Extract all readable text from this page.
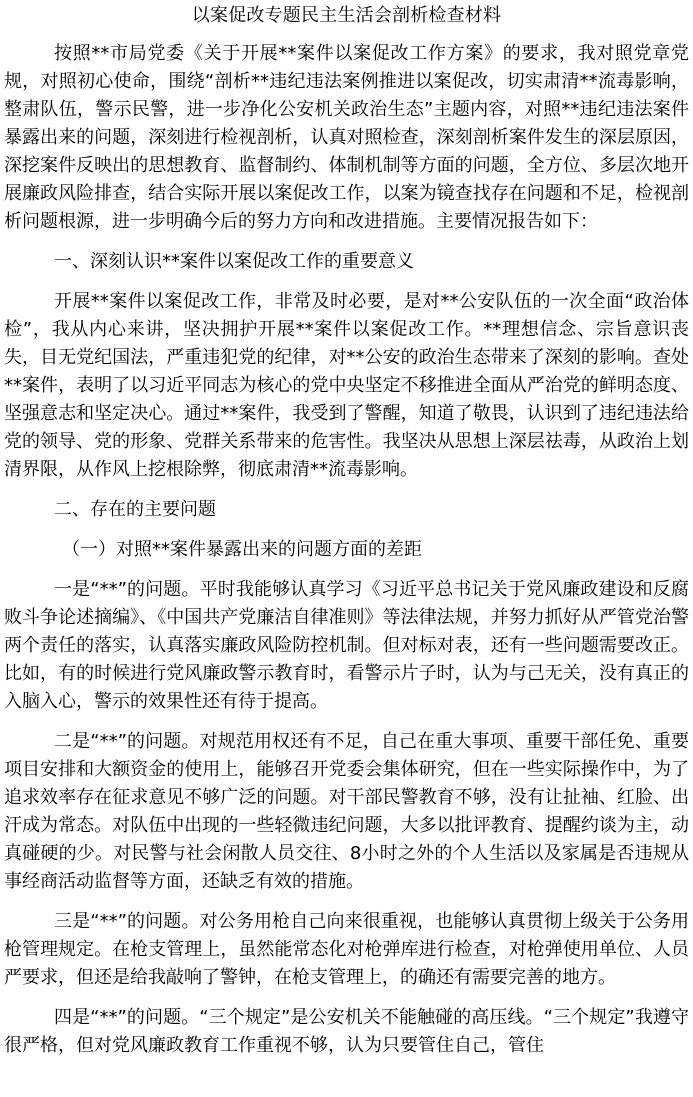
以案促改专题民主生活会剖析检查材料

按照**市局党委《关于开展**案件以案促改工作方案》的要求，我对照党章党规，对照初心使命，围绕“剖析**违纪违法案例推进以案促改，切实肃清**流毒影响，整肃队伍，警示民警，进一步净化公安机关政治生态”主题内容，对照**违纪违法案件暴露出来的问题，深刻进行检视剖析，认真对照检查，深刻剖析案件发生的深层原因，深挖案件反映出的思想教育、监督制约、体制机制等方面的问题，全方位、多层次地开展廉政风险排查，结合实际开展以案促改工作，以案为镜查找存在问题和不足，检视剖析问题根源，进一步明确今后的努力方向和改进措施。主要情况报告如下：

一、深刻认识**案件以案促改工作的重要意义

开展**案件以案促改工作，非常及时必要，是对**公安队伍的一次全面“政治体检”，我从内心来讲，坚决拥护开展**案件以案促改工作。**理想信念、宗旨意识丧失，目无党纪国法，严重违犯党的纪律，对**公安的政治生态带来了深刻的影响。查处**案件，表明了以习近平同志为核心的党中央坚定不移推进全面从严治党的鲜明态度、坚强意志和坚定决心。通过**案件，我受到了警醒，知道了敬畏，认识到了违纪违法给党的领导、党的形象、党群关系带来的危害性。我坚决从思想上深层祛毒，从政治上划清界限，从作风上挖根除弊，彻底肃清**流毒影响。

二、存在的主要问题

（一）对照**案件暴露出来的问题方面的差距

一是“**”的问题。平时我能够认真学习《习近平总书记关于党风廉政建设和反腐败斗争论述摘编》、《中国共产党廉洁自律准则》等法律法规，并努力抓好从严管党治警两个责任的落实，认真落实廉政风险防控机制。但对标对表，还有一些问题需要改正。比如，有的时候进行党风廉政警示教育时，看警示片子时，认为与己无关，没有真正的入脑入心，警示的效果性还有待于提高。

二是“**”的问题。对规范用权还有不足，自己在重大事项、重要干部任免、重要项目安排和大额资金的使用上，能够召开党委会集体研究，但在一些实际操作中，为了追求效率存在征求意见不够广泛的问题。对干部民警教育不够，没有让扯袖、红脸、出汗成为常态。对队伍中出现的一些轻微违纪问题，大多以批评教育、提醒约谈为主，动真碰硬的少。对民警与社会闲散人员交往、8小时之外的个人生活以及家属是否违规从事经商活动监督等方面，还缺乏有效的措施。

三是“**”的问题。对公务用枪自己向来很重视，也能够认真贯彻上级关于公务用枪管理规定。在枪支管理上，虽然能常态化对枪弹库进行检查，对枪弹使用单位、人员严要求，但还是给我敲响了警钟，在枪支管理上，的确还有需要完善的地方。

四是“**”的问题。“三个规定”是公安机关不能触碰的高压线。“三个规定”我遵守很严格，但对党风廉政教育工作重视不够，认为只要管住自己，管住
